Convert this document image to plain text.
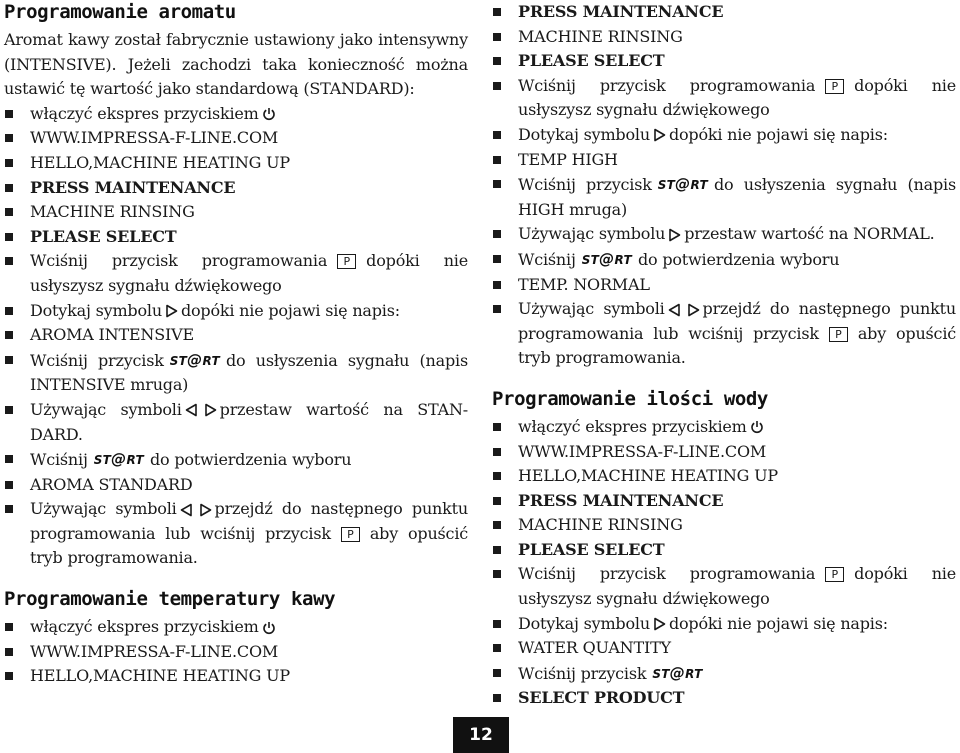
Programowanie aromatu

Aromat kawy został fabrycznie ustawiony jako intensywny (INTENSIVE). Jeżeli zachodzi taka konieczność można ustawić tę wartość jako standardową (STANDARD):

włączyć ekspres przyciskiem
WWW.IMPRESSA-F-LINE.COM
HELLO,MACHINE HEATING UP
PRESS MAINTENANCE
MACHINE RINSING
PLEASE SELECT
Wciśnij przycisk programowania P dopóki nie usłyszysz sygnału dźwiękowego
Dotykaj symbolu dopóki nie pojawi się napis:
AROMA INTENSIVE
Wciśnij przycisk ST@RT do usłyszenia sygnału (napis INTENSIVE mruga)
Używając symboli przestaw wartość na STAN-DARD.
Wciśnij ST@RT do potwierdzenia wyboru
AROMA STANDARD
Używając symboli przejdź do następnego punktu programowania lub wciśnij przycisk P aby opuścić tryb programowania.
Programowanie temperatury kawy
włączyć ekspres przyciskiem
WWW.IMPRESSA-F-LINE.COM
HELLO,MACHINE HEATING UP
PRESS MAINTENANCE
MACHINE RINSING
PLEASE SELECT
Wciśnij przycisk programowania P dopóki nie usłyszysz sygnału dźwiękowego
Dotykaj symbolu dopóki nie pojawi się napis:
TEMP HIGH
Wciśnij przycisk ST@RT do usłyszenia sygnału (napis HIGH mruga)
Używając symbolu przestaw wartość na NORMAL.
Wciśnij ST@RT do potwierdzenia wyboru
TEMP. NORMAL
Używając symboli przejdź do następnego punktu programowania lub wciśnij przycisk P aby opuścić tryb programowania.
Programowanie ilości wody
włączyć ekspres przyciskiem
WWW.IMPRESSA-F-LINE.COM
HELLO,MACHINE HEATING UP
PRESS MAINTENANCE
MACHINE RINSING
PLEASE SELECT
Wciśnij przycisk programowania P dopóki nie usłyszysz sygnału dźwiękowego
Dotykaj symbolu dopóki nie pojawi się napis:
WATER QUANTITY
Wciśnij przycisk ST@RT
SELECT PRODUCT
12
